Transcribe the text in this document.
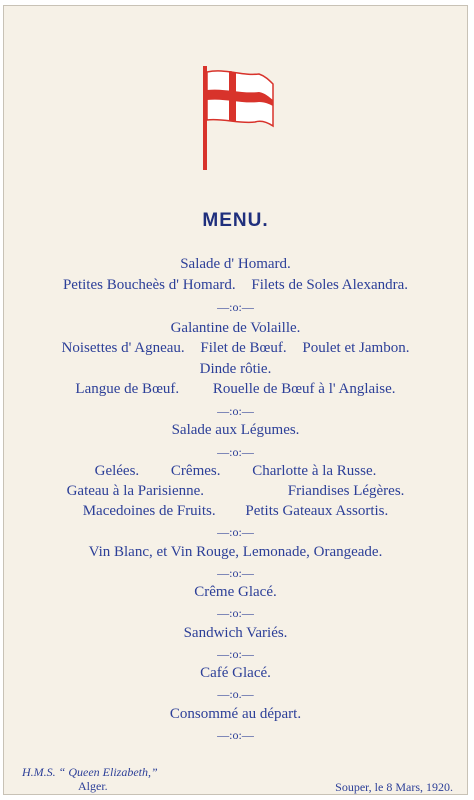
MENU.
Salade d' Homard.
Petites Boucheès d' Homard. Filets de Soles Alexandra.
—:o:—
Galantine de Volaille.
Noisettes d' Agneau. Filet de Bœuf. Poulet et Jambon.
Dinde rôtie.
Langue de Bœuf. Rouelle de Bœuf à l' Anglaise.
—:o:—
Salade aux Légumes.
—:o:—
Gelées. Crêmes. Charlotte à la Russe.
Gateau à la Parisienne.	Friandises Légères.
Macedoines de Fruits. Petits Gateaux Assortis.
—:o:—
Vin Blanc, et Vin Rouge, Lemonade, Orangeade.
—:o:—
Crême Glacé.
—:o:—
Sandwich Variés.
—:o:—
Café Glacé.
—:o.—
Consommé au départ.
—:o:—
H.M.S. “ Queen Elizabeth,”
Alger.	Souper, le 8 Mars, 1920.
